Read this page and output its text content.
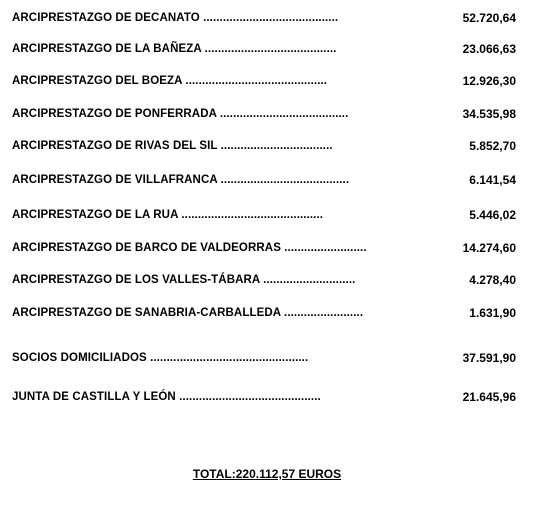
ARCIPRESTAZGO DE DECANATO .........................................	52.720,64
ARCIPRESTAZGO DE LA BAÑEZA ........................................	23.066,63
ARCIPRESTAZGO DEL BOEZA ...........................................	12.926,30
ARCIPRESTAZGO DE PONFERRADA .......................................	34.535,98
ARCIPRESTAZGO DE RIVAS DEL SIL ..................................	5.852,70
ARCIPRESTAZGO DE VILLAFRANCA .......................................	6.141,54
ARCIPRESTAZGO DE LA RUA ...........................................	5.446,02
ARCIPRESTAZGO DE BARCO DE VALDEORRAS .........................	14.274,60
ARCIPRESTAZGO DE LOS VALLES-TÁBARA ............................	4.278,40
ARCIPRESTAZGO DE SANABRIA-CARBALLEDA ........................	1.631,90
SOCIOS DOMICILIADOS ................................................	37.591,90
JUNTA DE CASTILLA Y LEÓN ...........................................	21.645,96
TOTAL:220.112,57 EUROS
